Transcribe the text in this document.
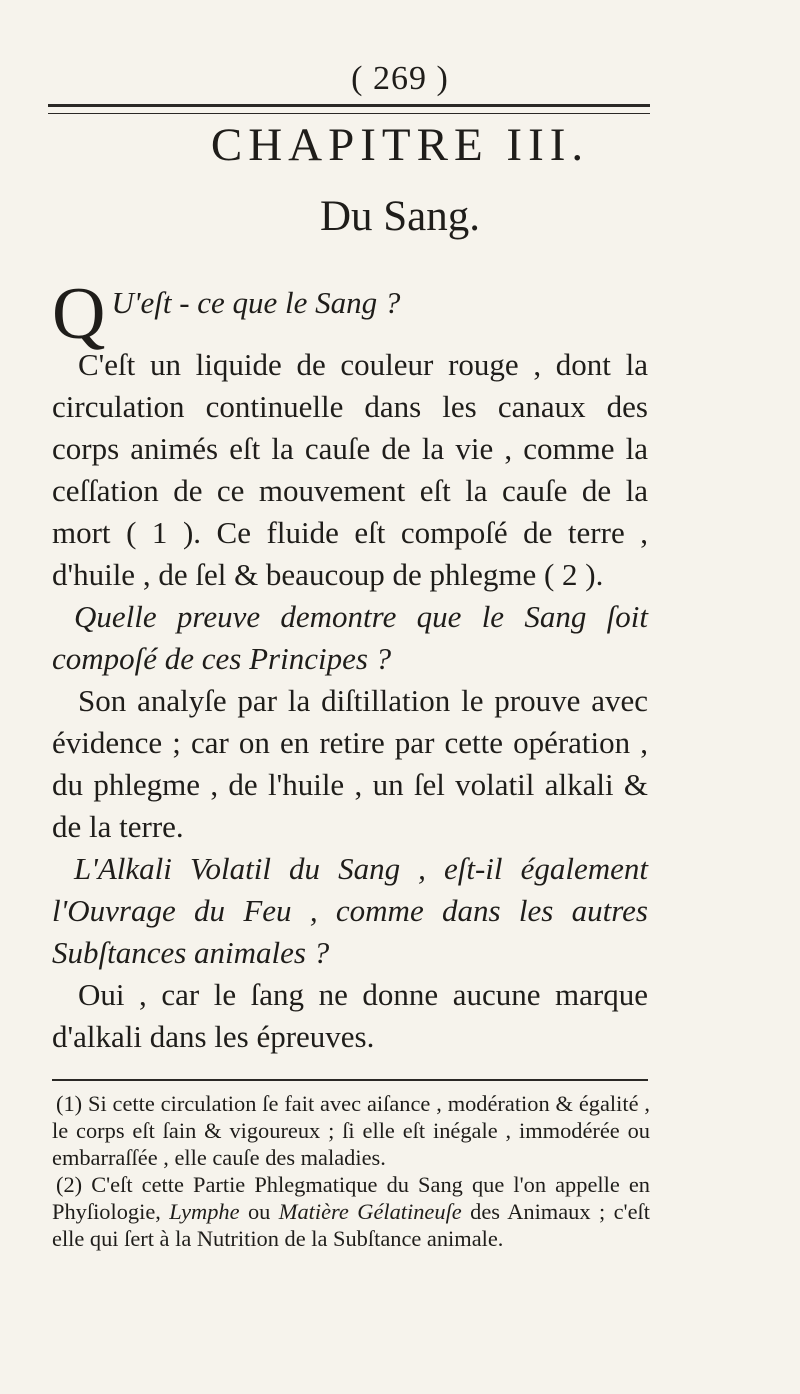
( 269 )
CHAPITRE III.
Du Sang.

Q U'eſt - ce que le Sang ?

C'eſt un liquide de couleur rouge , dont la circulation continuelle dans les canaux des corps animés eſt la cauſe de la vie , comme la ceſſation de ce mouvement eſt la cauſe de la mort ( 1 ). Ce fluide eſt compoſé de terre , d'huile , de ſel & beaucoup de phlegme ( 2 ).

Quelle preuve demontre que le Sang ſoit compoſé de ces Principes ?

Son analyſe par la diſtillation le prouve avec évidence ; car on en retire par cette opération , du phlegme , de l'huile , un ſel volatil alkali & de la terre.

L'Alkali Volatil du Sang , eſt-il également l'Ouvrage du Feu , comme dans les autres Subſtances animales ?

Oui , car le ſang ne donne aucune marque d'alkali dans les épreuves.

(1) Si cette circulation ſe fait avec aiſance , modération & égalité , le corps eſt ſain & vigoureux ; ſi elle eſt inégale , immodérée ou embarraſſée , elle cauſe des maladies.

(2) C'eſt cette Partie Phlegmatique du Sang que l'on appelle en Phyſiologie, Lymphe ou Matière Gélatineuſe des Animaux ; c'eſt elle qui ſert à la Nutrition de la Subſtance animale.
